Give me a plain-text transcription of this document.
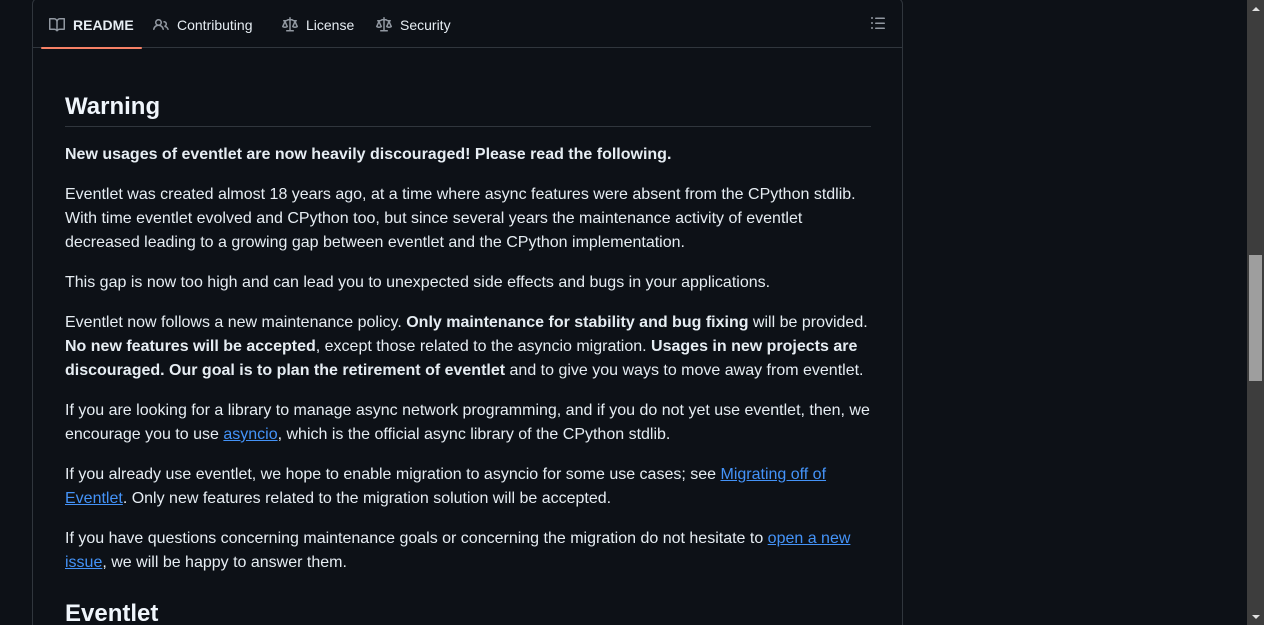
README	Contributing	License	Security
Warning

New usages of eventlet are now heavily discouraged! Please read the following.

Eventlet was created almost 18 years ago, at a time where async features were absent from the CPython stdlib. With time eventlet evolved and CPython too, but since several years the maintenance activity of eventlet decreased leading to a growing gap between eventlet and the CPython implementation.

This gap is now too high and can lead you to unexpected side effects and bugs in your applications.

Eventlet now follows a new maintenance policy. Only maintenance for stability and bug fixing will be provided. No new features will be accepted, except those related to the asyncio migration. Usages in new projects are discouraged. Our goal is to plan the retirement of eventlet and to give you ways to move away from eventlet.

If you are looking for a library to manage async network programming, and if you do not yet use eventlet, then, we encourage you to use asyncio, which is the official async library of the CPython stdlib.

If you already use eventlet, we hope to enable migration to asyncio for some use cases; see Migrating off of Eventlet. Only new features related to the migration solution will be accepted.

If you have questions concerning maintenance goals or concerning the migration do not hesitate to open a new issue, we will be happy to answer them.

Eventlet
